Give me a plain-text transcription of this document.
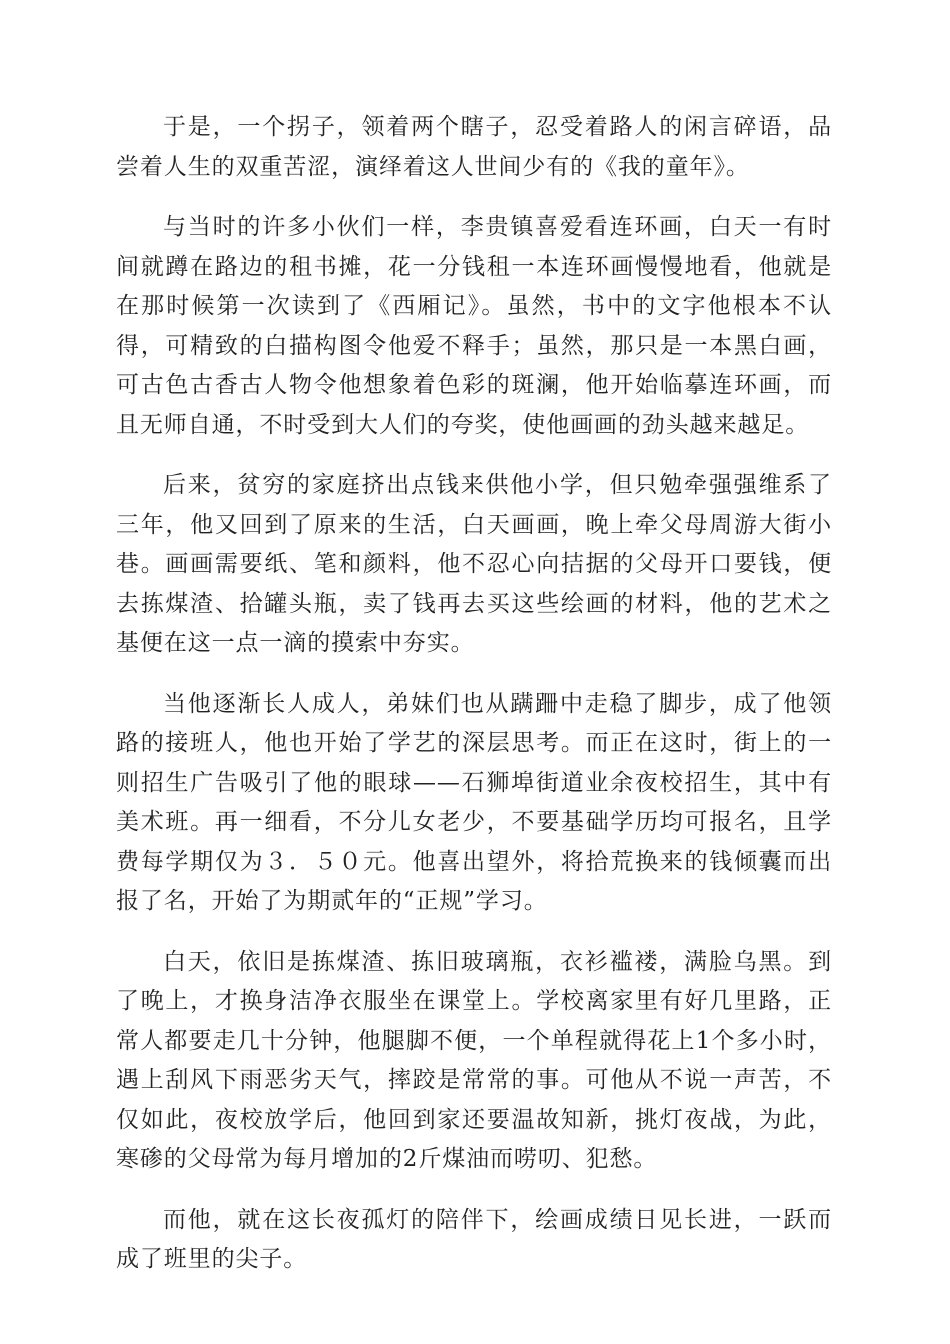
于是，一个拐子，领着两个瞎子，忍受着路人的闲言碎语，品尝着人生的双重苦涩，演绎着这人世间少有的《我的童年》。

与当时的许多小伙们一样，李贵镇喜爱看连环画，白天一有时间就蹲在路边的租书摊，花一分钱租一本连环画慢慢地看，他就是在那时候第一次读到了《西厢记》。虽然，书中的文字他根本不认得，可精致的白描构图令他爱不释手；虽然，那只是一本黑白画，可古色古香古人物令他想象着色彩的斑澜，他开始临摹连环画，而且无师自通，不时受到大人们的夸奖，使他画画的劲头越来越足。

后来，贫穷的家庭挤出点钱来供他小学，但只勉牵强强维系了三年，他又回到了原来的生活，白天画画，晚上牵父母周游大街小巷。画画需要纸、笔和颜料，他不忍心向拮据的父母开口要钱，便去拣煤渣、拾罐头瓶，卖了钱再去买这些绘画的材料，他的艺术之基便在这一点一滴的摸索中夯实。

当他逐渐长人成人，弟妹们也从蹒跚中走稳了脚步，成了他领路的接班人，他也开始了学艺的深层思考。而正在这时，街上的一则招生广告吸引了他的眼球——石狮埠街道业余夜校招生，其中有美术班。再一细看，不分儿女老少，不要基础学历均可报名，且学费每学期仅为３．５０元。他喜出望外，将拾荒换来的钱倾囊而出报了名，开始了为期贰年的“正规”学习。

白天，依旧是拣煤渣、拣旧玻璃瓶，衣衫褴褛，满脸乌黑。到了晚上，才换身洁净衣服坐在课堂上。学校离家里有好几里路，正常人都要走几十分钟，他腿脚不便，一个单程就得花上1个多小时，遇上刮风下雨恶劣天气，摔跤是常常的事。可他从不说一声苦，不仅如此，夜校放学后，他回到家还要温故知新，挑灯夜战，为此，寒碜的父母常为每月增加的2斤煤油而唠叨、犯愁。

而他，就在这长夜孤灯的陪伴下，绘画成绩日见长进，一跃而成了班里的尖子。
